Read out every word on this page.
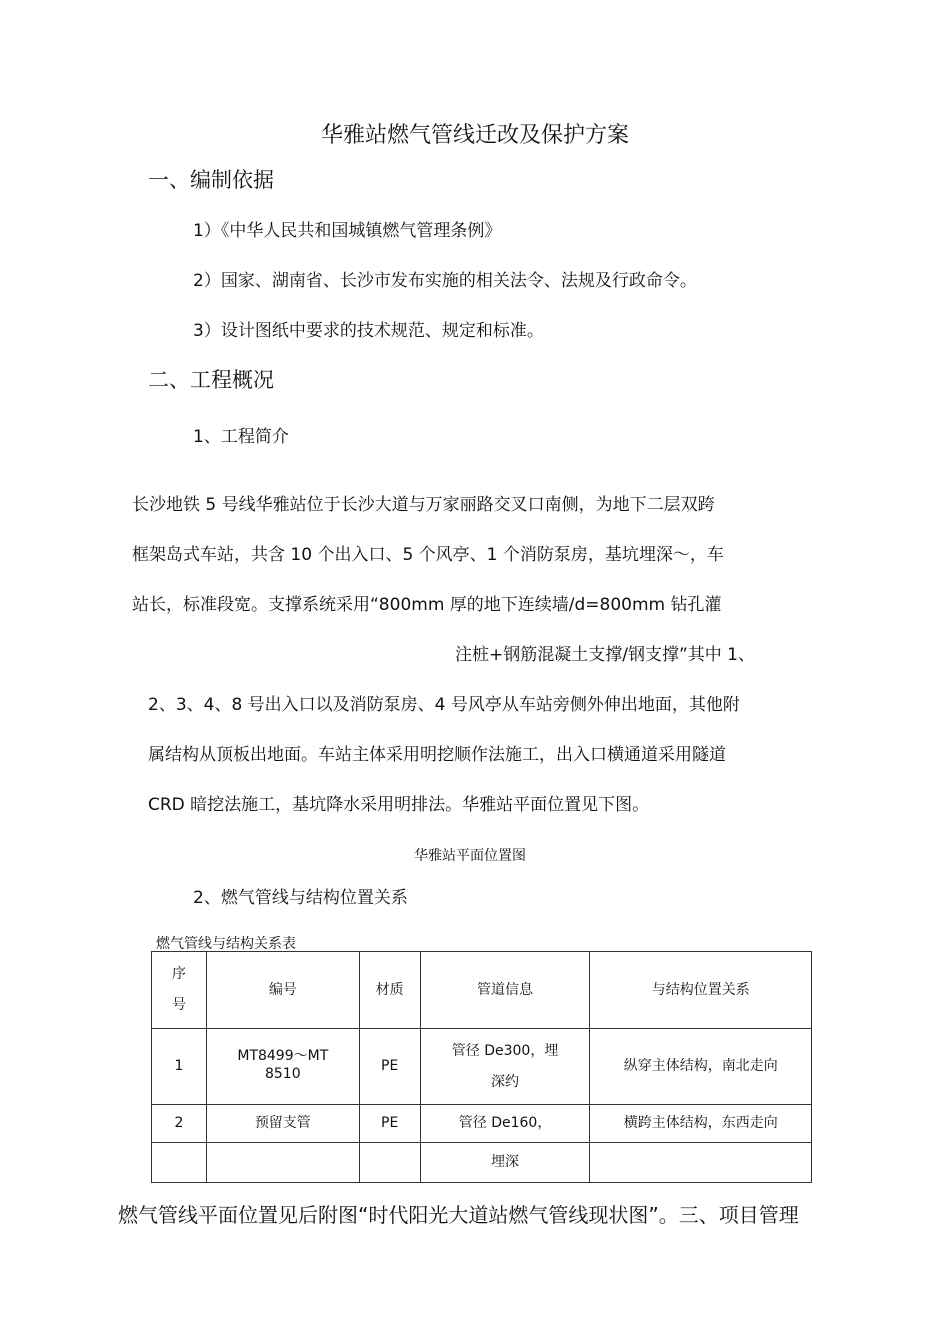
华雅站燃气管线迁改及保护方案
一、编制依据
1）《中华人民共和国城镇燃气管理条例》
2）国家、湖南省、长沙市发布实施的相关法令、法规及行政命令。
3）设计图纸中要求的技术规范、规定和标准。
二、工程概况
1、工程简介
长沙地铁 5 号线华雅站位于长沙大道与万家丽路交叉口南侧，为地下二层双跨
框架岛式车站，共含 10 个出入口、5 个风亭、1 个消防泵房，基坑埋深～，车
站长，标准段宽。支撑系统采用“800mm 厚的地下连续墙/d=800mm 钻孔灌
注桩+钢筋混凝土支撑/钢支撑”其中 1、
2、3、4、8 号出入口以及消防泵房、4 号风亭从车站旁侧外伸出地面，其他附
属结构从顶板出地面。车站主体采用明挖顺作法施工，出入口横通道采用隧道
CRD 暗挖法施工，基坑降水采用明排法。华雅站平面位置见下图。
华雅站平面位置图
2、燃气管线与结构位置关系
燃气管线与结构关系表
序号	编号	材质	管道信息	与结构位置关系
1	MT8499～MT8510	PE	管径 De300，埋深约	纵穿主体结构，南北走向
2	预留支管	PE	管径 De160，	横跨主体结构，东西走向
			埋深	
燃气管线平面位置见后附图“时代阳光大道站燃气管线现状图”。三、项目管理
